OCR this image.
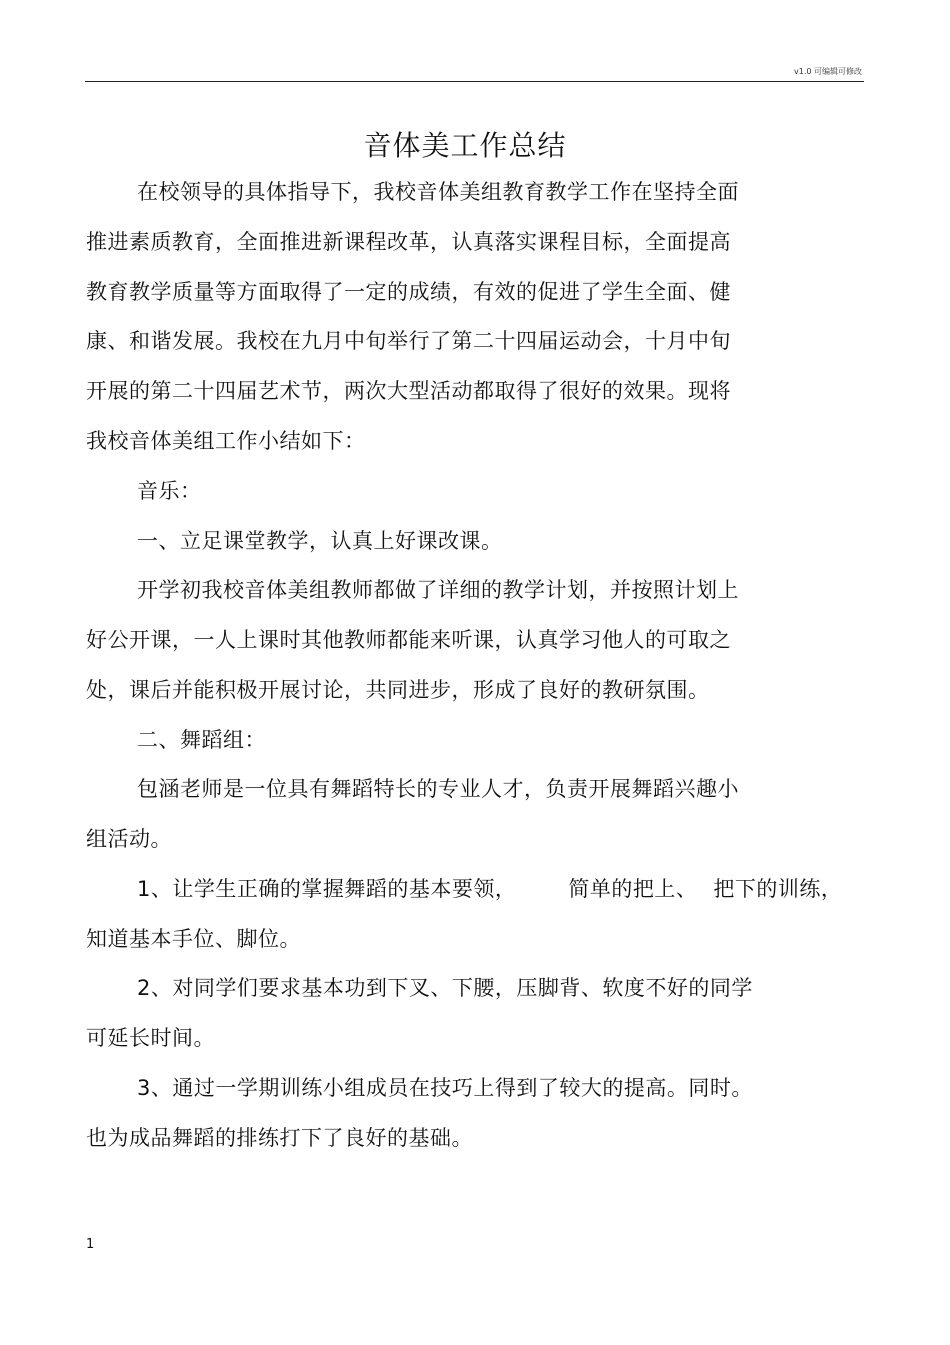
v1.0 可编辑可修改
音体美工作总结
在校领导的具体指导下，我校音体美组教育教学工作在坚持全面
推进素质教育，全面推进新课程改革，认真落实课程目标，全面提高
教育教学质量等方面取得了一定的成绩，有效的促进了学生全面、健
康、和谐发展。我校在九月中旬举行了第二十四届运动会，十月中旬
开展的第二十四届艺术节，两次大型活动都取得了很好的效果。现将
我校音体美组工作小结如下：
音乐：
一、立足课堂教学，认真上好课改课。
开学初我校音体美组教师都做了详细的教学计划，并按照计划上
好公开课，一人上课时其他教师都能来听课，认真学习他人的可取之
处，课后并能积极开展讨论，共同进步，形成了良好的教研氛围。
二、舞蹈组：
包涵老师是一位具有舞蹈特长的专业人才，负责开展舞蹈兴趣小
组活动。
1、让学生正确的掌握舞蹈的基本要领， 简单的把上、 把下的训练，
知道基本手位、脚位。
2、对同学们要求基本功到下叉、下腰，压脚背、软度不好的同学
可延长时间。
3、通过一学期训练小组成员在技巧上得到了较大的提高。同时。
也为成品舞蹈的排练打下了良好的基础。
1
